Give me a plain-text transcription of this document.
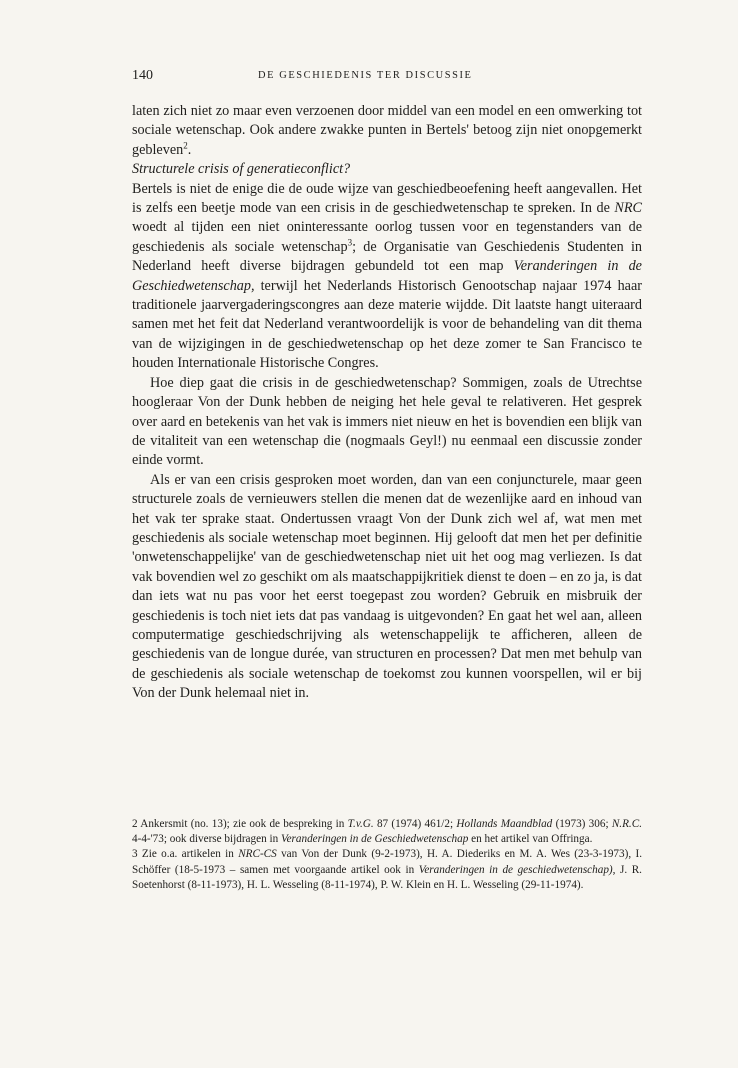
140	DE GESCHIEDENIS TER DISCUSSIE

laten zich niet zo maar even verzoenen door middel van een model en een omwerking tot sociale wetenschap. Ook andere zwakke punten in Bertels' betoog zijn niet onopgemerkt gebleven$^2$.

Structurele crisis of generatieconflict?

Bertels is niet de enige die de oude wijze van geschiedbeoefening heeft aangevallen. Het is zelfs een beetje mode van een crisis in de geschiedwetenschap te spreken. In de NRC woedt al tijden een niet oninteressante oorlog tussen voor en tegenstanders van de geschiedenis als sociale wetenschap$^3$; de Organisatie van Geschiedenis Studenten in Nederland heeft diverse bijdragen gebundeld tot een map Veranderingen in de Geschiedwetenschap, terwijl het Nederlands Historisch Genootschap najaar 1974 haar traditionele jaarvergaderingscongres aan deze materie wijdde. Dit laatste hangt uiteraard samen met het feit dat Nederland verantwoordelijk is voor de behandeling van dit thema van de wijzigingen in de geschiedwetenschap op het deze zomer te San Francisco te houden Internationale Historische Congres.

Hoe diep gaat die crisis in de geschiedwetenschap? Sommigen, zoals de Utrechtse hoogleraar Von der Dunk hebben de neiging het hele geval te relativeren. Het gesprek over aard en betekenis van het vak is immers niet nieuw en het is bovendien een blijk van de vitaliteit van een wetenschap die (nogmaals Geyl!) nu eenmaal een discussie zonder einde vormt.

Als er van een crisis gesproken moet worden, dan van een conjuncturele, maar geen structurele zoals de vernieuwers stellen die menen dat de wezenlijke aard en inhoud van het vak ter sprake staat. Ondertussen vraagt Von der Dunk zich wel af, wat men met geschiedenis als sociale wetenschap moet beginnen. Hij gelooft dat men het per definitie 'onwetenschappelijke' van de geschiedwetenschap niet uit het oog mag verliezen. Is dat vak bovendien wel zo geschikt om als maatschappijkritiek dienst te doen – en zo ja, is dat dan iets wat nu pas voor het eerst toegepast zou worden? Gebruik en misbruik der geschiedenis is toch niet iets dat pas vandaag is uitgevonden? En gaat het wel aan, alleen computermatige geschiedschrijving als wetenschappelijk te afficheren, alleen de geschiedenis van de longue durée, van structuren en processen? Dat men met behulp van de geschiedenis als sociale wetenschap de toekomst zou kunnen voorspellen, wil er bij Von der Dunk helemaal niet in.

2 Ankersmit (no. 13); zie ook de bespreking in T.v.G. 87 (1974) 461/2; Hollands Maandblad (1973) 306; N.R.C. 4-4-'73; ook diverse bijdragen in Veranderingen in de Geschiedwetenschap en het artikel van Offringa.

3 Zie o.a. artikelen in NRC-CS van Von der Dunk (9-2-1973), H. A. Diederiks en M. A. Wes (23-3-1973), I. Schöffer (18-5-1973 – samen met voorgaande artikel ook in Veranderingen in de geschiedwetenschap), J. R. Soetenhorst (8-11-1973), H. L. Wesseling (8-11-1974), P. W. Klein en H. L. Wesseling (29-11-1974).
